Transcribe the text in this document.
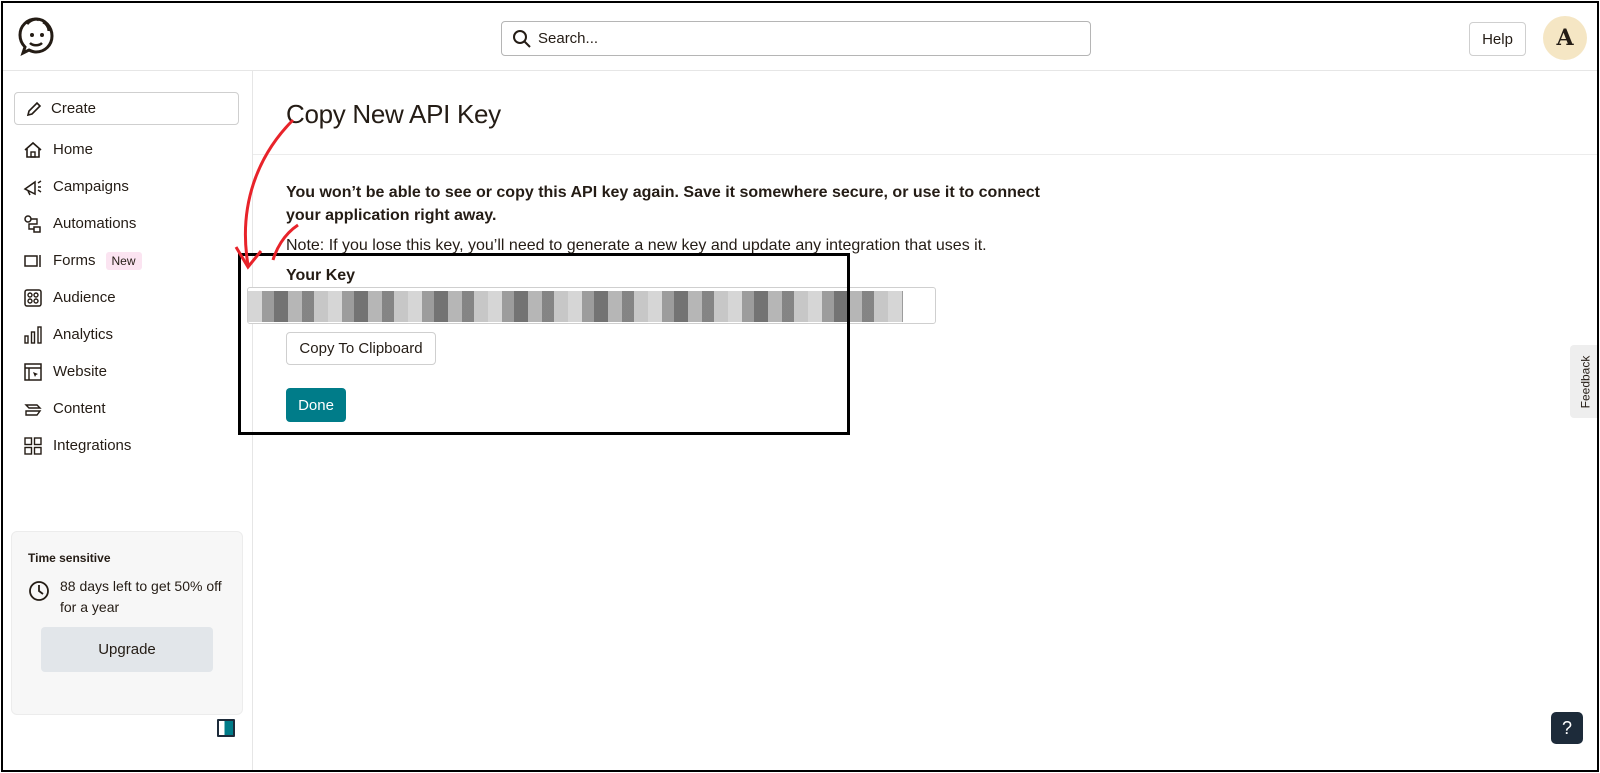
Search...
Help	A
Create
Home
Campaigns
Automations
Forms	New
Audience
Analytics
Website
Content
Integrations
Time sensitive
88 days left to get 50% off for a year
Upgrade
Copy New API Key

You won’t be able to see or copy this API key again. Save it somewhere secure, or use it to connect your application right away.

Note: If you lose this key, you’ll need to generate a new key and update any integration that uses it.

Your Key
Copy To Clipboard
Done	Feedback
?
